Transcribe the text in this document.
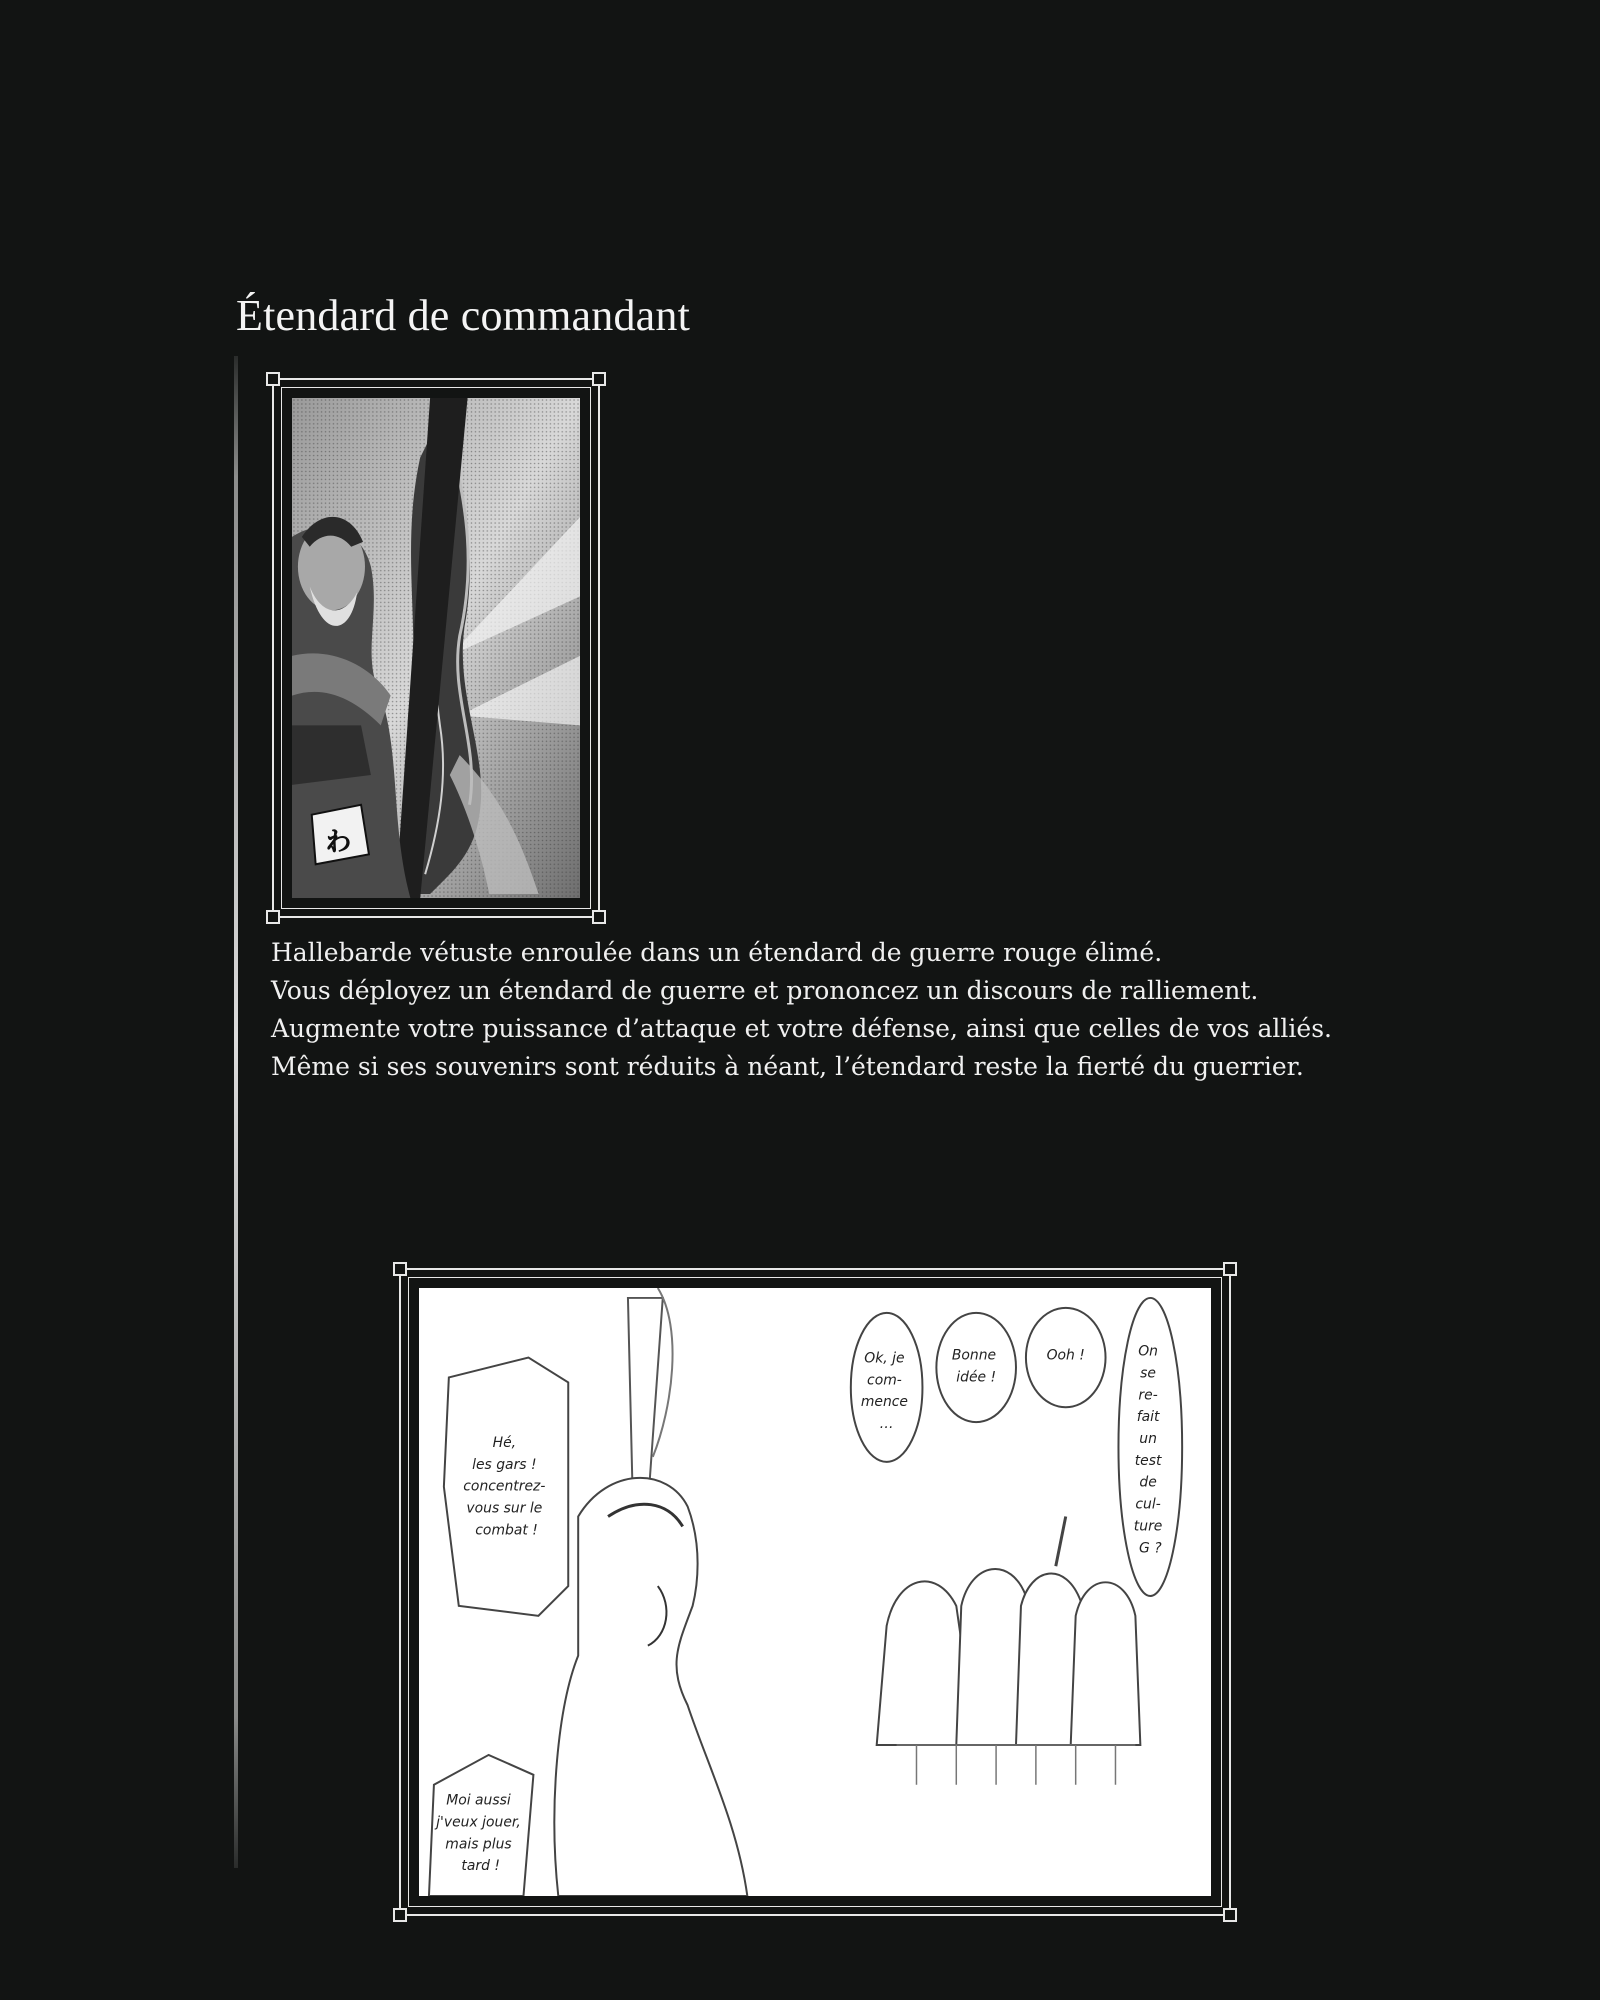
Étendard de commandant
ゎ

Hallebarde vétuste enroulée dans un étendard de guerre rouge élimé.

Vous déployez un étendard de guerre et prononcez un discours de ralliement.

Augmente votre puissance d’attaque et votre défense, ainsi que celles de vos alliés.

Même si ses souvenirs sont réduits à néant, l’étendard reste la fierté du guerrier.

Hé, les gars ! concentrez- vous sur le combat !
Moi aussi j'veux jouer, mais plus tard !
Ok, je com- mence …
Bonne idée !
Ooh !	On se re- fait un test de cul- ture G ?
